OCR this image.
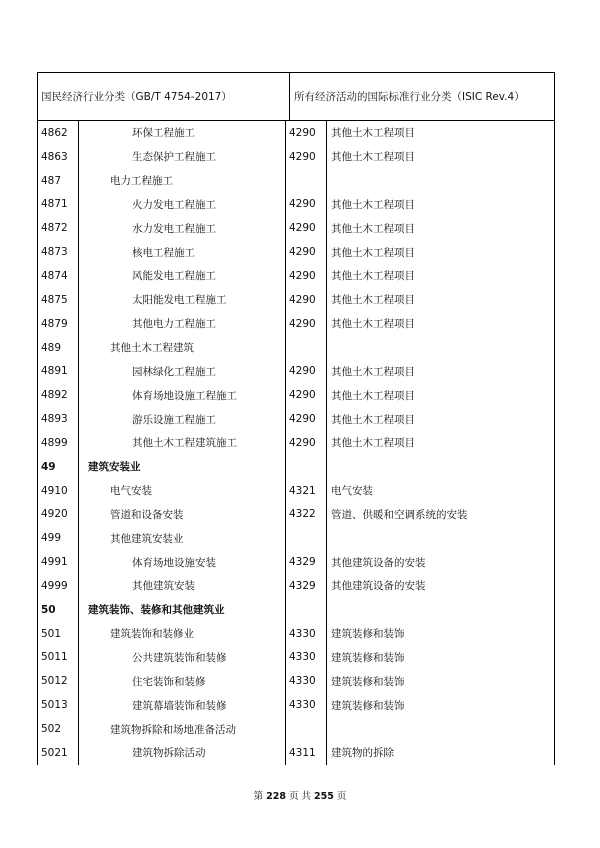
国民经济行业分类（GB/T 4754-2017）	所有经济活动的国际标准行业分类（ISIC Rev.4）
4862	环保工程施工	4290	其他土木工程项目
4863	生态保护工程施工	4290	其他土木工程项目
487	电力工程施工
4871	火力发电工程施工	4290	其他土木工程项目
4872	水力发电工程施工	4290	其他土木工程项目
4873	核电工程施工	4290	其他土木工程项目
4874	风能发电工程施工	4290	其他土木工程项目
4875	太阳能发电工程施工	4290	其他土木工程项目
4879	其他电力工程施工	4290	其他土木工程项目
489	其他土木工程建筑
4891	园林绿化工程施工	4290	其他土木工程项目
4892	体育场地设施工程施工	4290	其他土木工程项目
4893	游乐设施工程施工	4290	其他土木工程项目
4899	其他土木工程建筑施工	4290	其他土木工程项目
49	建筑安装业
4910	电气安装	4321	电气安装
4920	管道和设备安装	4322	管道、供暖和空调系统的安装
499	其他建筑安装业
4991	体育场地设施安装	4329	其他建筑设备的安装
4999	其他建筑安装	4329	其他建筑设备的安装
50	建筑装饰、装修和其他建筑业
501	建筑装饰和装修业	4330	建筑装修和装饰
5011	公共建筑装饰和装修	4330	建筑装修和装饰
5012	住宅装饰和装修	4330	建筑装修和装饰
5013	建筑幕墙装饰和装修	4330	建筑装修和装饰
502	建筑物拆除和场地准备活动
5021	建筑物拆除活动	4311	建筑物的拆除
第 228 页 共 255 页
